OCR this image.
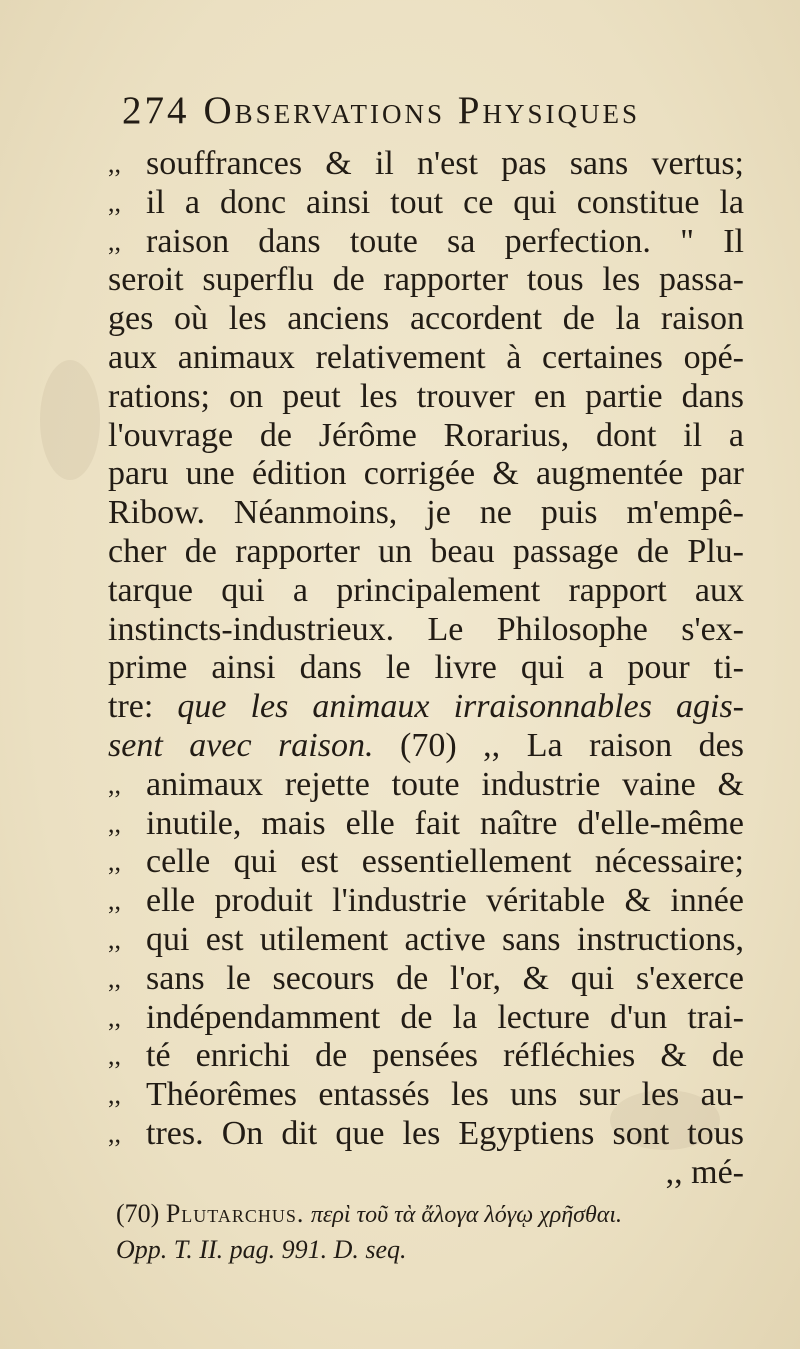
274 Observations Physiques
,, souffrances & il n'est pas sans vertus;
,, il a donc ainsi tout ce qui constitue la
,, raison dans toute sa perfection. " Il
seroit superflu de rapporter tous les passa-
ges où les anciens accordent de la raison
aux animaux relativement à certaines opé-
rations; on peut les trouver en partie dans
l'ouvrage de Jérôme Rorarius, dont il a
paru une édition corrigée & augmentée par
Ribow. Néanmoins, je ne puis m'empê-
cher de rapporter un beau passage de Plu-
tarque qui a principalement rapport aux
instincts-industrieux. Le Philosophe s'ex-
prime ainsi dans le livre qui a pour ti-
tre: que les animaux irraisonnables agis-
sent avec raison. (70) ,, La raison des
,, animaux rejette toute industrie vaine &
,, inutile, mais elle fait naître d'elle-même
,, celle qui est essentiellement nécessaire;
,, elle produit l'industrie véritable & innée
,, qui est utilement active sans instructions,
,, sans le secours de l'or, & qui s'exerce
,, indépendamment de la lecture d'un trai-
,, té enrichi de pensées réfléchies & de
,, Théorêmes entassés les uns sur les au-
,, tres. On dit que les Egyptiens sont tous
,, mé-
(70) Plutarchus. περὶ τοῦ τὰ ἄλογα λόγῳ χρῆσθαι.
Opp. T. II. pag. 991. D. seq.
